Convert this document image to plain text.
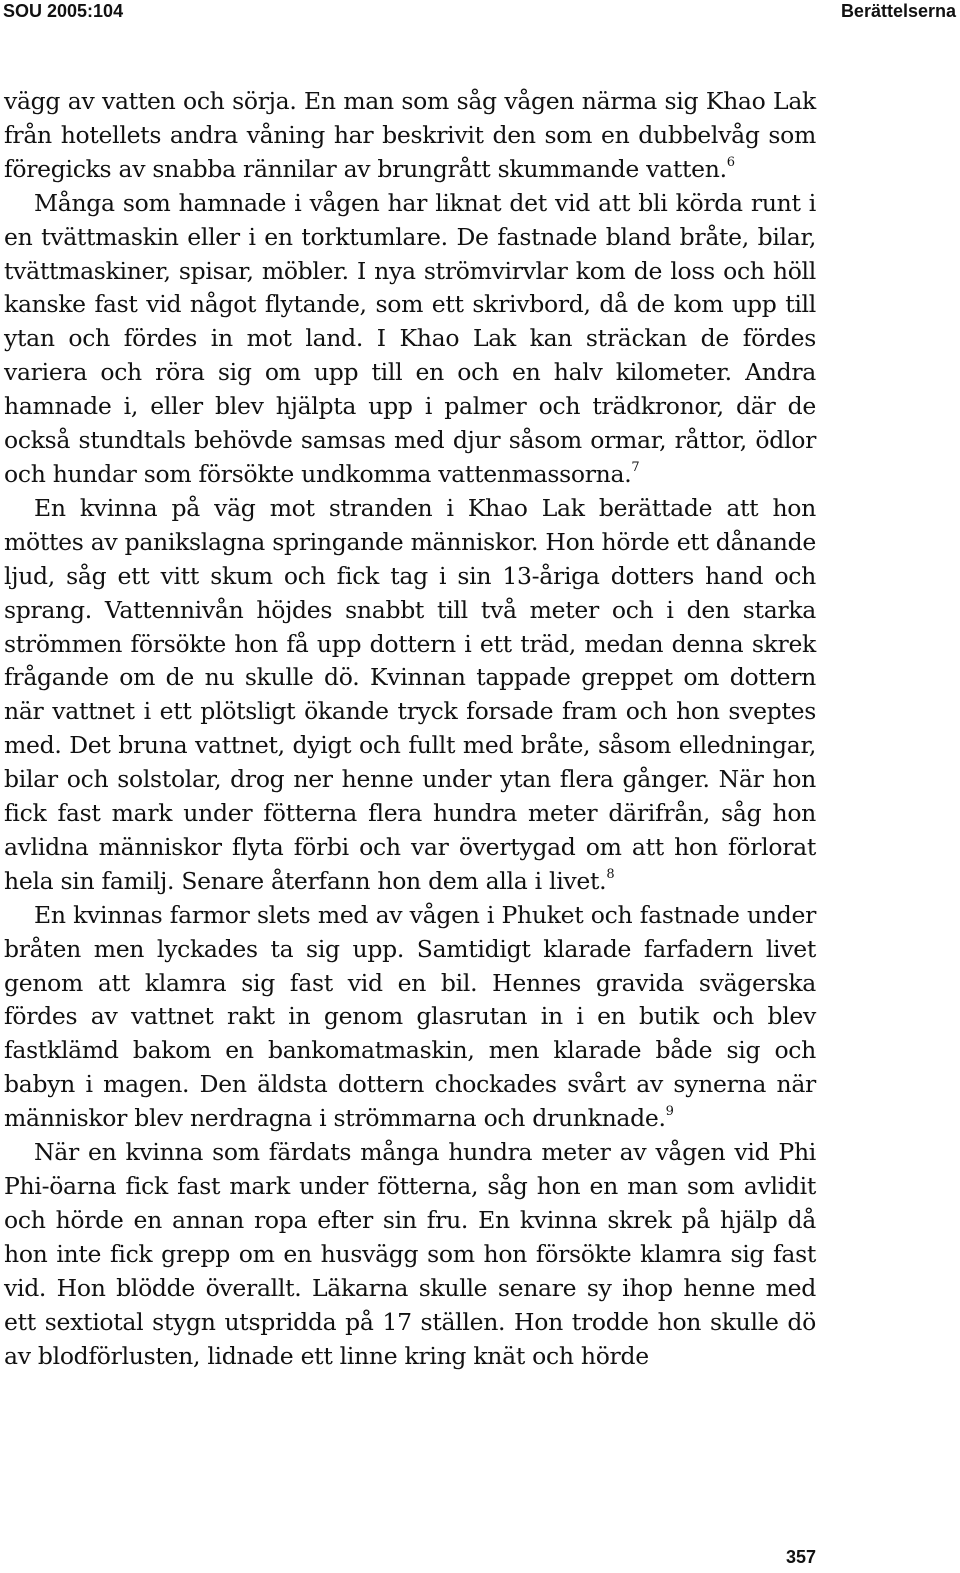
SOU 2005:104	Berättelserna

vägg av vatten och sörja. En man som såg vågen närma sig Khao Lak från hotellets andra våning har beskrivit den som en dubbelvåg som föregicks av snabba rännilar av brungrått skummande vatten.$^6$

Många som hamnade i vågen har liknat det vid att bli körda runt i en tvättmaskin eller i en torktumlare. De fastnade bland bråte, bilar, tvättmaskiner, spisar, möbler. I nya strömvirvlar kom de loss och höll kanske fast vid något flytande, som ett skrivbord, då de kom upp till ytan och fördes in mot land. I Khao Lak kan sträckan de fördes variera och röra sig om upp till en och en halv kilometer. Andra hamnade i, eller blev hjälpta upp i palmer och trädkronor, där de också stundtals behövde samsas med djur såsom ormar, råttor, ödlor och hundar som försökte undkomma vattenmassorna.$^7$

En kvinna på väg mot stranden i Khao Lak berättade att hon möttes av panikslagna springande människor. Hon hörde ett dånande ljud, såg ett vitt skum och fick tag i sin 13-åriga dotters hand och sprang. Vattennivån höjdes snabbt till två meter och i den starka strömmen försökte hon få upp dottern i ett träd, medan denna skrek frågande om de nu skulle dö. Kvinnan tappade greppet om dottern när vattnet i ett plötsligt ökande tryck forsade fram och hon sveptes med. Det bruna vattnet, dyigt och fullt med bråte, såsom elledningar, bilar och solstolar, drog ner henne under ytan flera gånger. När hon fick fast mark under fötterna flera hundra meter därifrån, såg hon avlidna människor flyta förbi och var övertygad om att hon förlorat hela sin familj. Senare återfann hon dem alla i livet.$^8$

En kvinnas farmor slets med av vågen i Phuket och fastnade under bråten men lyckades ta sig upp. Samtidigt klarade farfadern livet genom att klamra sig fast vid en bil. Hennes gravida svägerska fördes av vattnet rakt in genom glasrutan in i en butik och blev fastklämd bakom en bankomatmaskin, men klarade både sig och babyn i magen. Den äldsta dottern chockades svårt av synerna när människor blev nerdragna i strömmarna och drunknade.$^9$

När en kvinna som färdats många hundra meter av vågen vid Phi Phi-öarna fick fast mark under fötterna, såg hon en man som avlidit och hörde en annan ropa efter sin fru. En kvinna skrek på hjälp då hon inte fick grepp om en husvägg som hon försökte klamra sig fast vid. Hon blödde överallt. Läkarna skulle senare sy ihop henne med ett sextiotal stygn utspridda på 17 ställen. Hon trodde hon skulle dö av blodförlusten, lidnade ett linne kring knät och hörde

357
